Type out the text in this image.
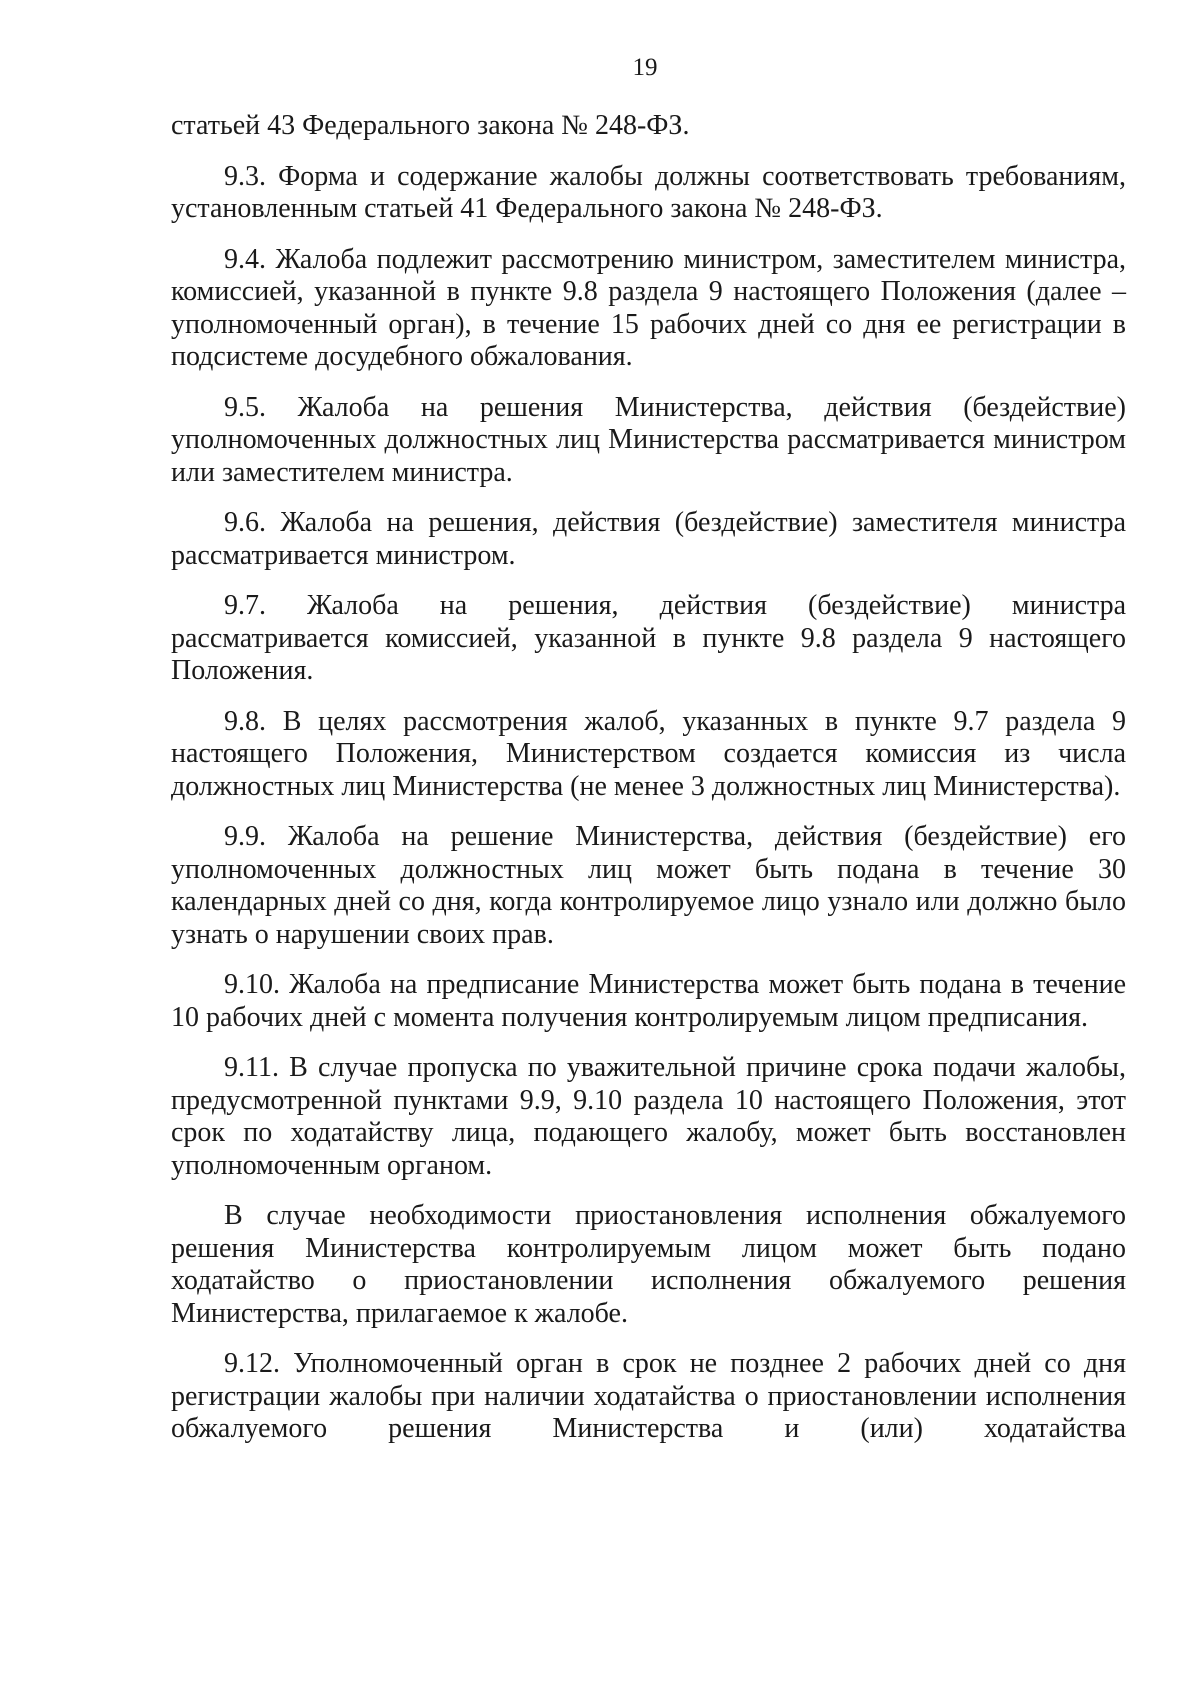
19

статьей 43 Федерального закона № 248-ФЗ.

9.3. Форма и содержание жалобы должны соответствовать требованиям, установленным статьей 41 Федерального закона № 248-ФЗ.

9.4. Жалоба подлежит рассмотрению министром, заместителем министра, комиссией, указанной в пункте 9.8 раздела 9 настоящего Положения (далее – уполномоченный орган), в течение 15 рабочих дней со дня ее регистрации в подсистеме досудебного обжалования.

9.5. Жалоба на решения Министерства, действия (бездействие) уполномоченных должностных лиц Министерства рассматривается министром или заместителем министра.

9.6. Жалоба на решения, действия (бездействие) заместителя министра рассматривается министром.

9.7. Жалоба на решения, действия (бездействие) министра рассматривается комиссией, указанной в пункте 9.8 раздела 9 настоящего Положения.

9.8. В целях рассмотрения жалоб, указанных в пункте 9.7 раздела 9 настоящего Положения, Министерством создается комиссия из числа должностных лиц Министерства (не менее 3 должностных лиц Министерства).

9.9. Жалоба на решение Министерства, действия (бездействие) его уполномоченных должностных лиц может быть подана в течение 30 календарных дней со дня, когда контролируемое лицо узнало или должно было узнать о нарушении своих прав.

9.10. Жалоба на предписание Министерства может быть подана в течение 10 рабочих дней с момента получения контролируемым лицом предписания.

9.11. В случае пропуска по уважительной причине срока подачи жалобы, предусмотренной пунктами 9.9, 9.10 раздела 10 настоящего Положения, этот срок по ходатайству лица, подающего жалобу, может быть восстановлен уполномоченным органом.

В случае необходимости приостановления исполнения обжалуемого решения Министерства контролируемым лицом может быть подано ходатайство о приостановлении исполнения обжалуемого решения Министерства, прилагаемое к жалобе.

9.12. Уполномоченный орган в срок не позднее 2 рабочих дней со дня регистрации жалобы при наличии ходатайства о приостановлении исполнения обжалуемого решения Министерства и (или) ходатайства
